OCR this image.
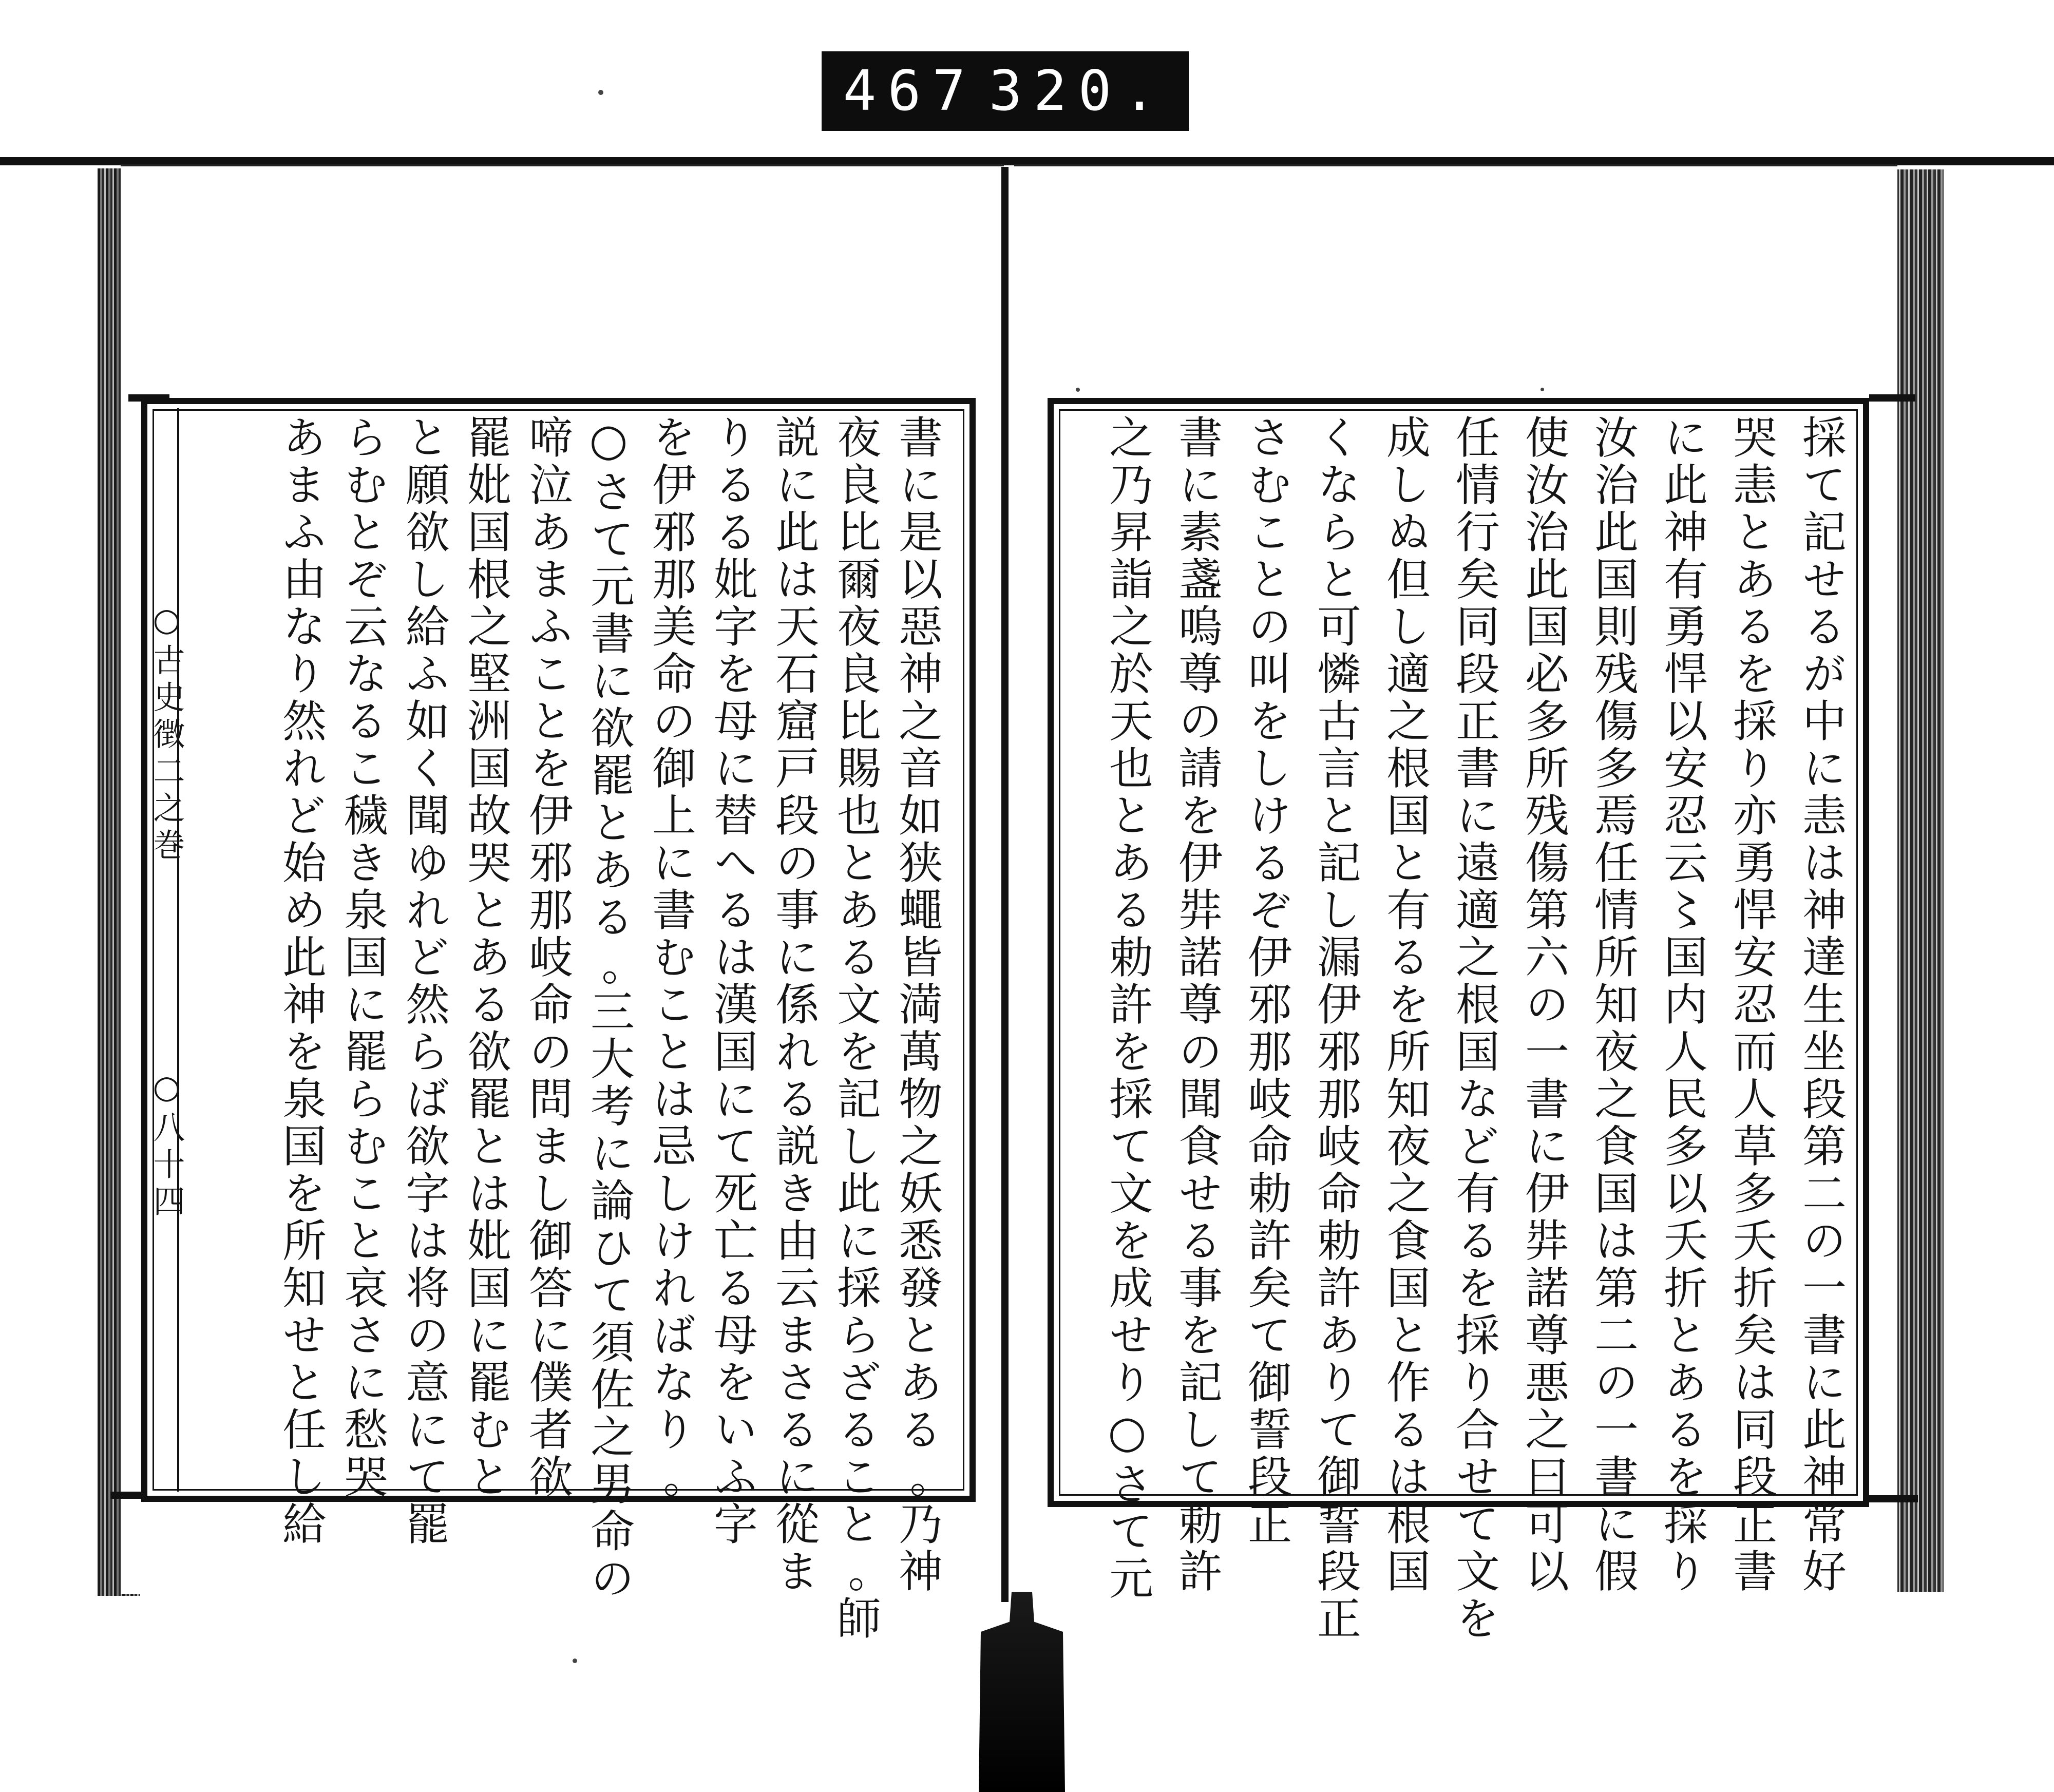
467 320.
書に是以惡神之音如狭蠅皆満萬物之妖悉發とある｡乃神
夜良比爾夜良比賜也とある文を記し此に採らざること｡師
説に此は天石窟戸段の事に係れる説き由云まさるに從ま
りるる妣字を母に替へるは漢国にて死亡る母をいふ字
を伊邪那美命の御上に書むことは忌しければなり｡
○さて元書に欲罷とある｡三大考に論ひて須佐之男命の
啼泣あまふことを伊邪那岐命の問まし御答に僕者欲
罷妣国根之堅洲国故哭とある欲罷とは妣国に罷むと
と願欲し給ふ如く聞ゆれど然らば欲字は将の意にて罷
らむとぞ云なるこ穢き泉国に罷らむこと哀さに愁哭
あまふ由なり然れど始め此神を泉国を所知せと任し給
○古史徴二之巻
○八十四	採て記せるが中に恚は神達生坐段第二の一書に此神常好
哭恚とあるを採り亦勇悍安忍而人草多夭折矣は同段正書
に此神有勇悍以安忍云〻国内人民多以夭折とあるを採り
汝治此国則残傷多焉任情所知夜之食国は第二の一書に假
使汝治此国必多所残傷第六の一書に伊弉諾尊悪之曰可以
任情行矣同段正書に遠適之根国など有るを採り合せて文を
成しぬ但し適之根国と有るを所知夜之食国と作るは根国
くならと可憐古言と記し漏伊邪那岐命勅許ありて御誓段正
さむことの叫をしけるぞ伊邪那岐命勅許矣て御誓段正
書に素盞嗚尊の請を伊弉諾尊の聞食せる事を記して勅許
之乃昇詣之於天也とある勅許を採て文を成せり○さて元
